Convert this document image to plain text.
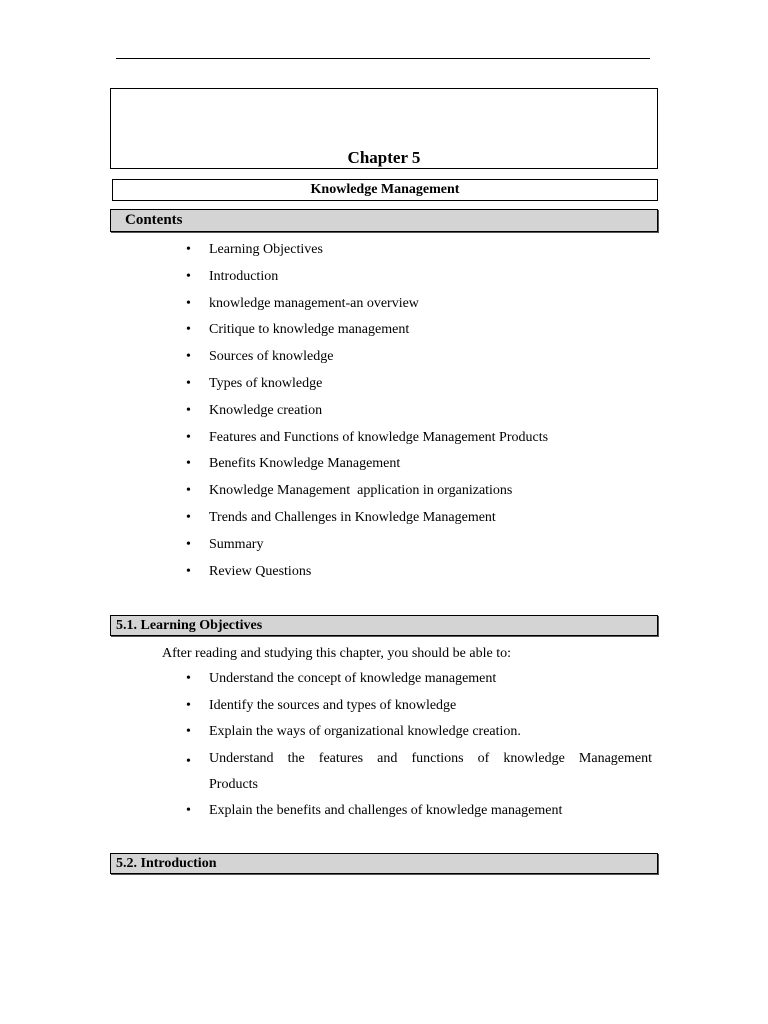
Chapter 5
Knowledge Management
Contents
• Learning Objectives
• Introduction
• knowledge management-an overview
• Critique to knowledge management
• Sources of knowledge
• Types of knowledge
• Knowledge creation
• Features and Functions of knowledge Management Products
• Benefits Knowledge Management
• Knowledge Management  application in organizations
• Trends and Challenges in Knowledge Management
• Summary
• Review Questions
5.1. Learning Objectives
After reading and studying this chapter, you should be able to:
• Understand the concept of knowledge management
• Identify the sources and types of knowledge
• Explain the ways of organizational knowledge creation.
• Understand the features and functions of knowledge Management
Products
• Explain the benefits and challenges of knowledge management
5.2. Introduction
